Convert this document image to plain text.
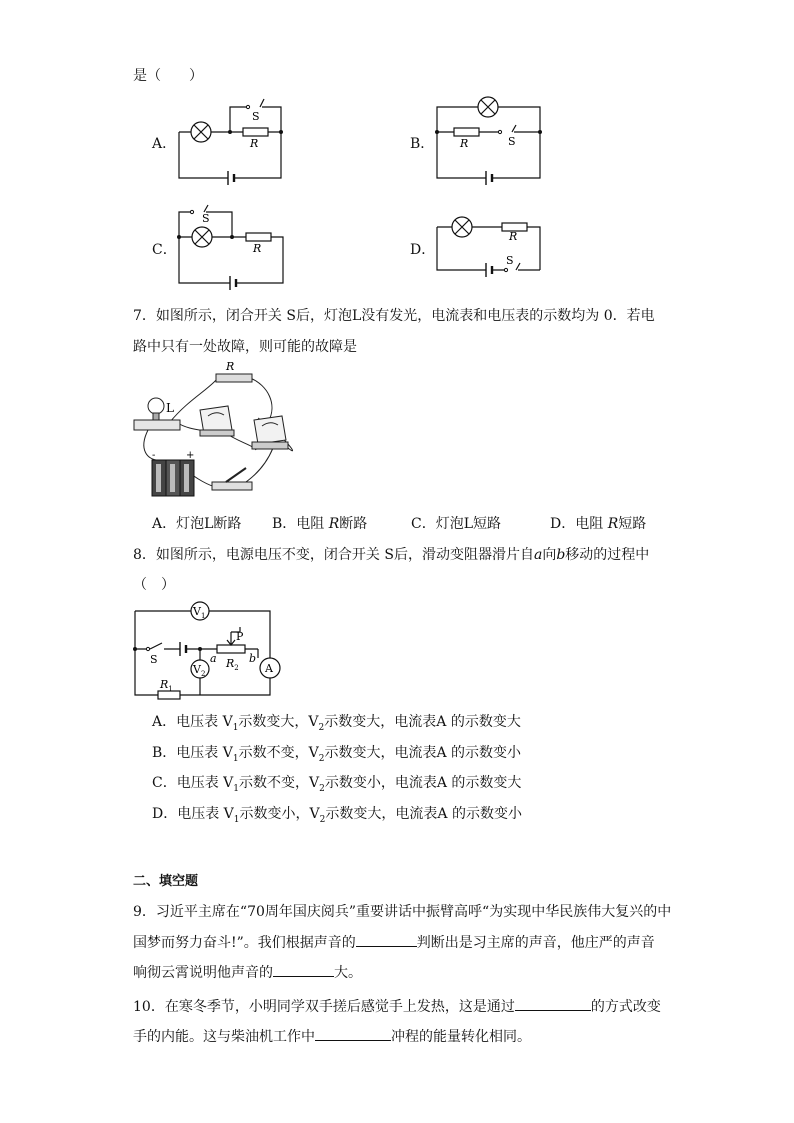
是（　　）
A．
S
R	B． R	S
C．
S
R	D．
R
S
7．如图所示，闭合开关 S后，灯泡L没有发光，电流表和电压表的示数均为 0．若电
路中只有一处故障，则可能的故障是
R
L
-	+
A．灯泡L断路 B．电阻 R断路	C．灯泡L短路	D．电阻 R短路
8．如图所示，电源电压不变，闭合开关 S后，滑动变阻器滑片自a向b移动的过程中
（　）
$V_1$
$V_2$
P
S	a	b
$R_2$ A
$R_1$
A．电压表 $V_1$示数变大，$V_2$示数变大，电流表A 的示数变大
B．电压表 $V_1$示数不变，$V_2$示数变大，电流表A 的示数变小
C．电压表 $V_1$示数不变，$V_2$示数变小，电流表A 的示数变大
D．电压表 $V_1$示数变小，$V_2$示数变大，电流表A 的示数变小
二、填空题
9．习近平主席在“70周年国庆阅兵”重要讲话中振臂高呼“为实现中华民族伟大复兴的中
国梦而努力奋斗!”。我们根据声音的	判断出是习主席的声音，他庄严的声音
响彻云霄说明他声音的	大。
10．在寒冬季节，小明同学双手搓后感觉手上发热，这是通过	的方式改变
手的内能。这与柴油机工作中	冲程的能量转化相同。
